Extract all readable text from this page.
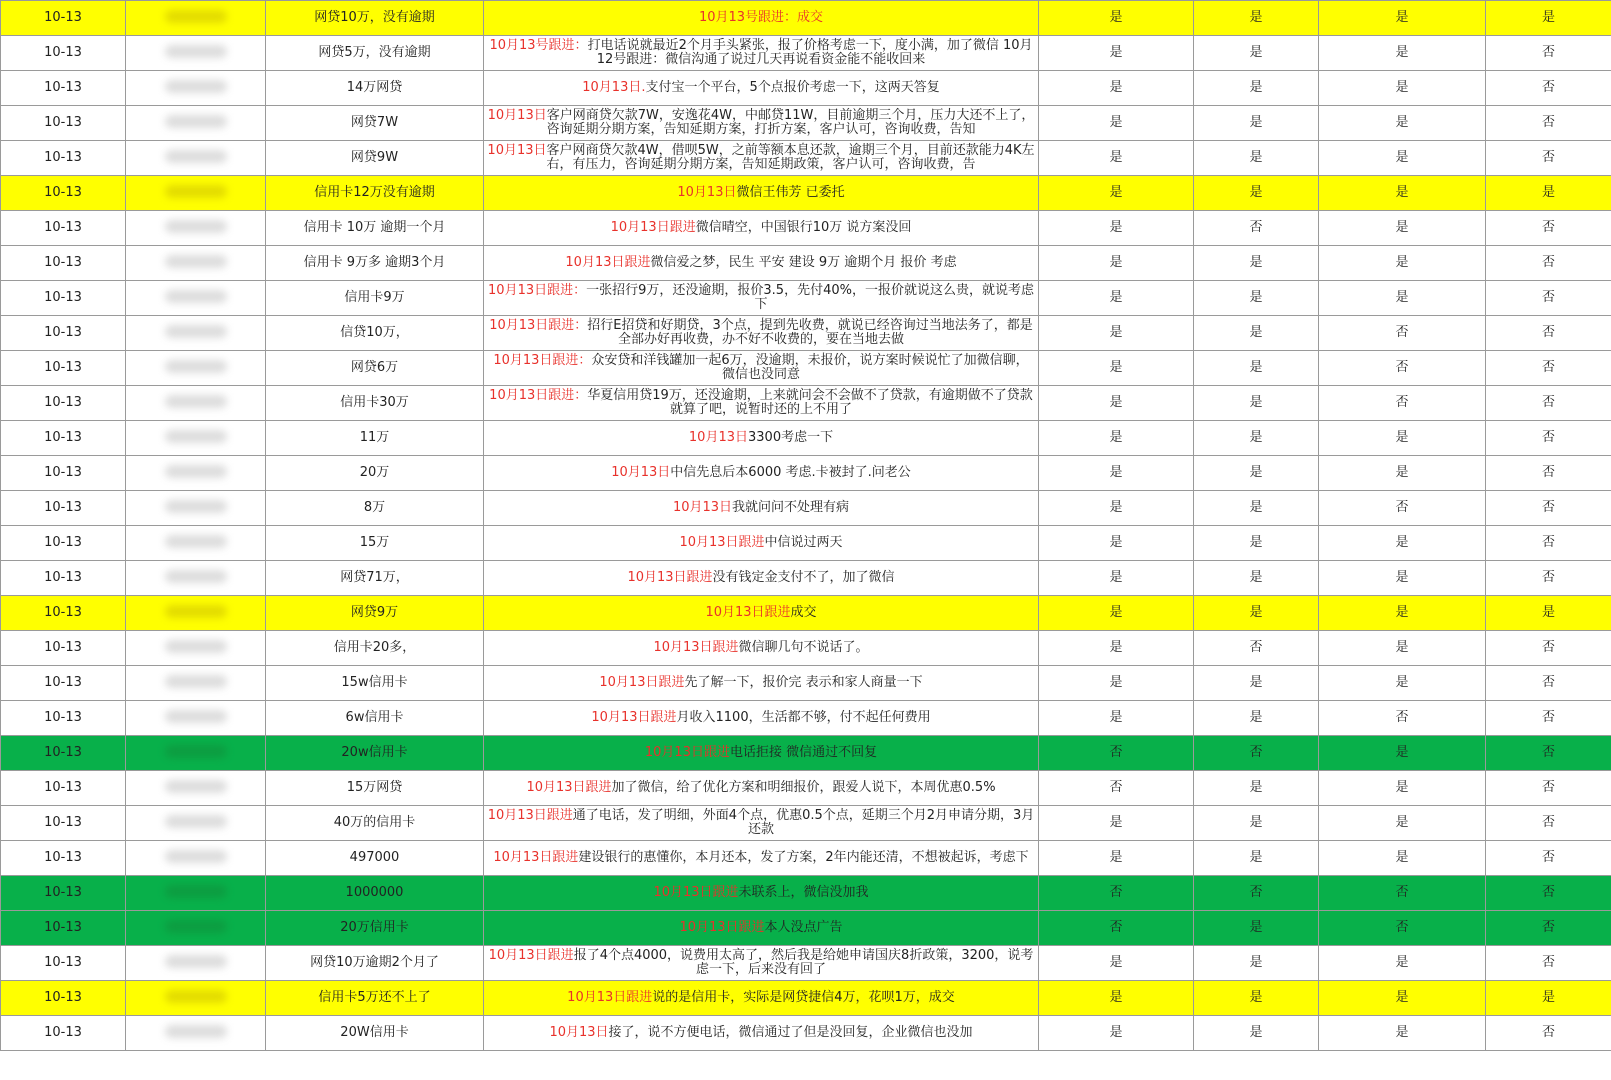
10-13		网贷10万，没有逾期	10月13号跟进：成交	是	是	是	是
10-13		网贷5万，没有逾期	10月13号跟进：打电话说就最近2个月手头紧张，报了价格考虑一下，度小满，加了微信 10月12号跟进：微信沟通了说过几天再说看资金能不能收回来	是	是	是	否
10-13		14万网贷	10月13日.支付宝一个平台，5个点报价考虑一下，这两天答复	是	是	是	否
10-13		网贷7W	10月13日客户网商贷欠款7W，安逸花4W，中邮贷11W，目前逾期三个月，压力大还不上了，咨询延期分期方案，告知延期方案，打折方案，客户认可，咨询收费，告知	是	是	是	否
10-13		网贷9W	10月13日客户网商贷欠款4W，借呗5W，之前等额本息还款，逾期三个月，目前还款能力4K左右，有压力，咨询延期分期方案，告知延期政策，客户认可，咨询收费，告	是	是	是	否
10-13		信用卡12万没有逾期	10月13日微信王伟芳 已委托	是	是	是	是
10-13		信用卡 10万 逾期一个月	10月13日跟进微信晴空，中国银行10万 说方案没回	是	否	是	否
10-13		信用卡 9万多 逾期3个月	10月13日跟进微信爱之梦，民生 平安 建设 9万 逾期个月 报价 考虑	是	是	是	否
10-13		信用卡9万	10月13日跟进：一张招行9万，还没逾期，报价3.5，先付40%，一报价就说这么贵，就说考虑下	是	是	是	否
10-13		信贷10万，	10月13日跟进：招行E招贷和好期贷，3个点，提到先收费，就说已经咨询过当地法务了，都是全部办好再收费，办不好不收费的，要在当地去做	是	是	否	否
10-13		网贷6万	10月13日跟进：众安贷和洋钱罐加一起6万，没逾期，未报价，说方案时候说忙了加微信聊，微信也没同意	是	是	否	否
10-13		信用卡30万	10月13日跟进：华夏信用贷19万，还没逾期，上来就问会不会做不了贷款，有逾期做不了贷款就算了吧，说暂时还的上不用了	是	是	否	否
10-13		11万	10月13日3300考虑一下	是	是	是	否
10-13		20万	10月13日中信先息后本6000 考虑.卡被封了.问老公	是	是	是	否
10-13		8万	10月13日我就问问不处理有病	是	是	否	否
10-13		15万	10月13日跟进中信说过两天	是	是	是	否
10-13		网贷71万，	10月13日跟进没有钱定金支付不了，加了微信	是	是	是	否
10-13		网贷9万	10月13日跟进成交	是	是	是	是
10-13		信用卡20多，	10月13日跟进微信聊几句不说话了。	是	否	是	否
10-13		15w信用卡	10月13日跟进先了解一下，报价完 表示和家人商量一下	是	是	是	否
10-13		6w信用卡	10月13日跟进月收入1100，生活都不够，付不起任何费用	是	是	否	否
10-13		20w信用卡	10月13日跟进电话拒接 微信通过不回复	否	否	是	否
10-13		15万网贷	10月13日跟进加了微信，给了优化方案和明细报价，跟爱人说下，本周优惠0.5%	否	是	是	否
10-13		40万的信用卡	10月13日跟进通了电话，发了明细，外面4个点，优惠0.5个点，延期三个月2月申请分期，3月还款	是	是	是	否
10-13		497000	10月13日跟进建设银行的惠懂你，本月还本，发了方案，2年内能还清，不想被起诉，考虑下	是	是	是	否
10-13		1000000	10月13日跟进未联系上，微信没加我	否	否	否	否
10-13		20万信用卡	10月13日跟进本人没点广告	否	是	否	否
10-13		网贷10万逾期2个月了	10月13日跟进报了4个点4000，说费用太高了，然后我是给她申请国庆8折政策，3200，说考虑一下，后来没有回了	是	是	是	否
10-13		信用卡5万还不上了	10月13日跟进说的是信用卡，实际是网贷捷信4万，花呗1万，成交	是	是	是	是
10-13		20W信用卡	10月13日接了，说不方便电话，微信通过了但是没回复，企业微信也没加	是	是	是	否
